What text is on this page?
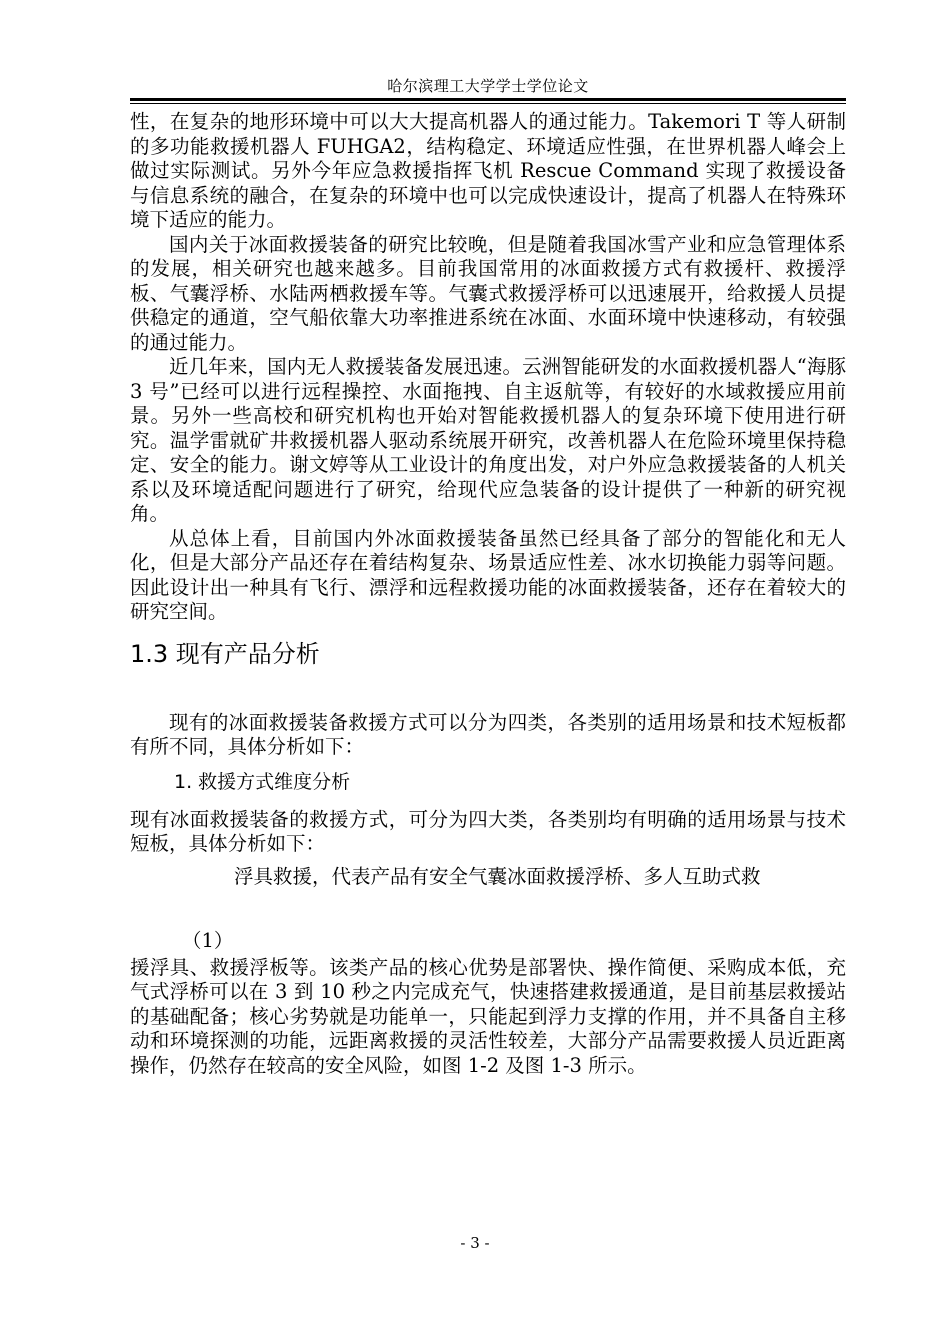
哈尔滨理工大学学士学位论文

性，在复杂的地形环境中可以大大提高机器人的通过能力。Takemori T 等人研制的多功能救援机器人 FUHGA2，结构稳定、环境适应性强，在世界机器人峰会上做过实际测试。另外今年应急救援指挥飞机 Rescue Command 实现了救援设备与信息系统的融合，在复杂的环境中也可以完成快速设计，提高了机器人在特殊环境下适应的能力。

国内关于冰面救援装备的研究比较晚，但是随着我国冰雪产业和应急管理体系的发展，相关研究也越来越多。目前我国常用的冰面救援方式有救援杆、救援浮板、气囊浮桥、水陆两栖救援车等。气囊式救援浮桥可以迅速展开，给救援人员提供稳定的通道，空气船依靠大功率推进系统在冰面、水面环境中快速移动，有较强的通过能力。

近几年来，国内无人救援装备发展迅速。云洲智能研发的水面救援机器人“海豚 3 号”已经可以进行远程操控、水面拖拽、自主返航等，有较好的水域救援应用前景。另外一些高校和研究机构也开始对智能救援机器人的复杂环境下使用进行研究。温学雷就矿井救援机器人驱动系统展开研究，改善机器人在危险环境里保持稳定、安全的能力。谢文婷等从工业设计的角度出发，对户外应急救援装备的人机关系以及环境适配问题进行了研究，给现代应急装备的设计提供了一种新的研究视角。

从总体上看，目前国内外冰面救援装备虽然已经具备了部分的智能化和无人化，但是大部分产品还存在着结构复杂、场景适应性差、冰水切换能力弱等问题。因此设计出一种具有飞行、漂浮和远程救援功能的冰面救援装备，还存在着较大的研究空间。

1.3 现有产品分析

现有的冰面救援装备救援方式可以分为四类，各类别的适用场景和技术短板都有所不同，具体分析如下：

1. 救援方式维度分析

现有冰面救援装备的救援方式，可分为四大类，各类别均有明确的适用场景与技术短板，具体分析如下：

浮具救援，代表产品有安全气囊冰面救援浮桥、多人互助式救
（1）

援浮具、救援浮板等。该类产品的核心优势是部署快、操作简便、采购成本低，充气式浮桥可以在 3 到 10 秒之内完成充气，快速搭建救援通道，是目前基层救援站的基础配备；核心劣势就是功能单一，只能起到浮力支撑的作用，并不具备自主移动和环境探测的功能，远距离救援的灵活性较差，大部分产品需要救援人员近距离操作，仍然存在较高的安全风险，如图 1-2 及图 1-3 所示。

- 3 -
